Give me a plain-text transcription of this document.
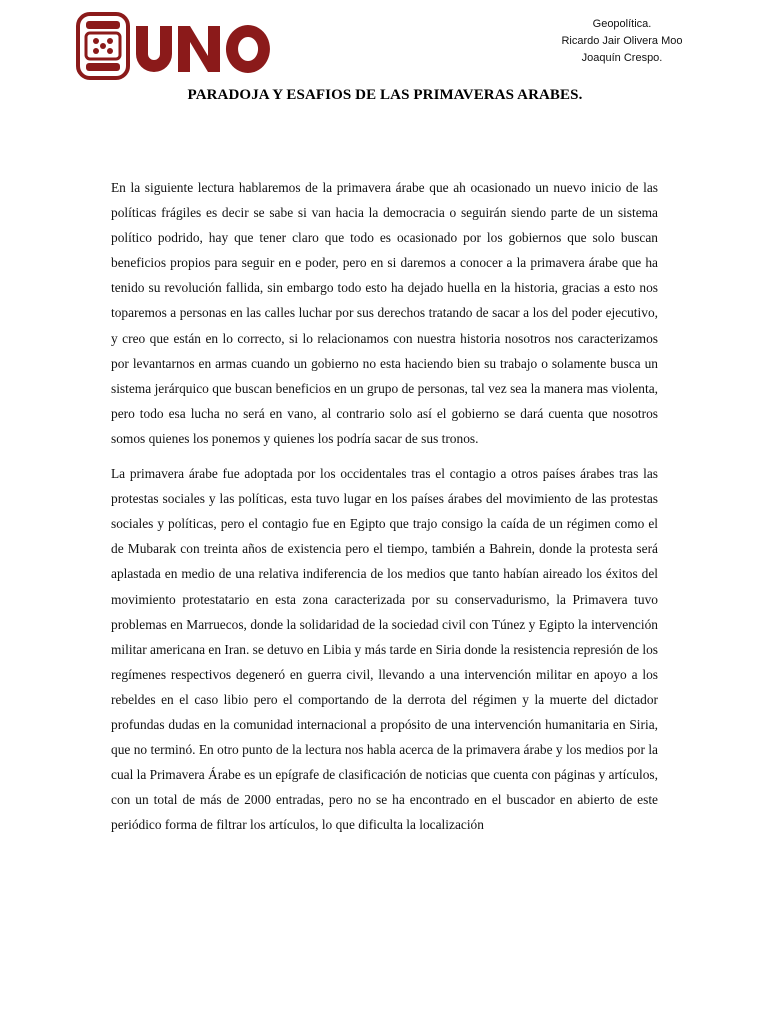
Geopolítica.
Ricardo Jair Olivera Moo
Joaquín Crespo.
PARADOJA Y ESAFIOS DE LAS PRIMAVERAS ARABES.

En la siguiente lectura hablaremos de la primavera árabe que ah ocasionado un nuevo inicio de las políticas frágiles es decir se sabe si van hacia la democracia o seguirán siendo parte de un sistema político podrido, hay que tener claro que todo es ocasionado por los gobiernos que solo buscan beneficios propios para seguir en e poder, pero en si daremos a conocer a la primavera árabe que ha tenido su revolución fallida, sin embargo todo esto ha dejado huella en la historia, gracias a esto nos toparemos a personas en las calles luchar por sus derechos tratando de sacar a los del poder ejecutivo, y creo que están en lo correcto, si lo relacionamos con nuestra historia nosotros nos caracterizamos por levantarnos en armas cuando un gobierno no esta haciendo bien su trabajo o solamente busca un sistema jerárquico que buscan beneficios en un grupo de personas, tal vez sea la manera mas violenta, pero todo esa lucha no será en vano, al contrario solo así el gobierno se dará cuenta que nosotros somos quienes los ponemos y quienes los podría sacar de sus tronos.

La primavera árabe fue adoptada por los occidentales tras el contagio a otros países árabes tras las protestas sociales y las políticas, esta tuvo lugar en los países árabes del movimiento de las protestas sociales y políticas, pero el contagio fue en Egipto que trajo consigo la caída de un régimen como el de Mubarak con treinta años de existencia pero el tiempo, también a Bahrein, donde la protesta será aplastada en medio de una relativa indiferencia de los medios que tanto habían aireado los éxitos del movimiento protestatario en esta zona caracterizada por su conservadurismo, la Primavera tuvo problemas en Marruecos, donde la solidaridad de la sociedad civil con Túnez y Egipto la intervención militar americana en Iran. se detuvo en Libia y más tarde en Siria donde la resistencia represión de los regímenes respectivos degeneró en guerra civil, llevando a una intervención militar en apoyo a los rebeldes en el caso libio pero el comportando de la derrota del régimen y la muerte del dictador profundas dudas en la comunidad internacional a propósito de una intervención humanitaria en Siria, que no terminó. En otro punto de la lectura nos habla acerca de la primavera árabe y los medios por la cual la Primavera Árabe es un epígrafe de clasificación de noticias que cuenta con páginas y artículos, con un total de más de 2000 entradas, pero no se ha encontrado en el buscador en abierto de este periódico forma de filtrar los artículos, lo que dificulta la localización
